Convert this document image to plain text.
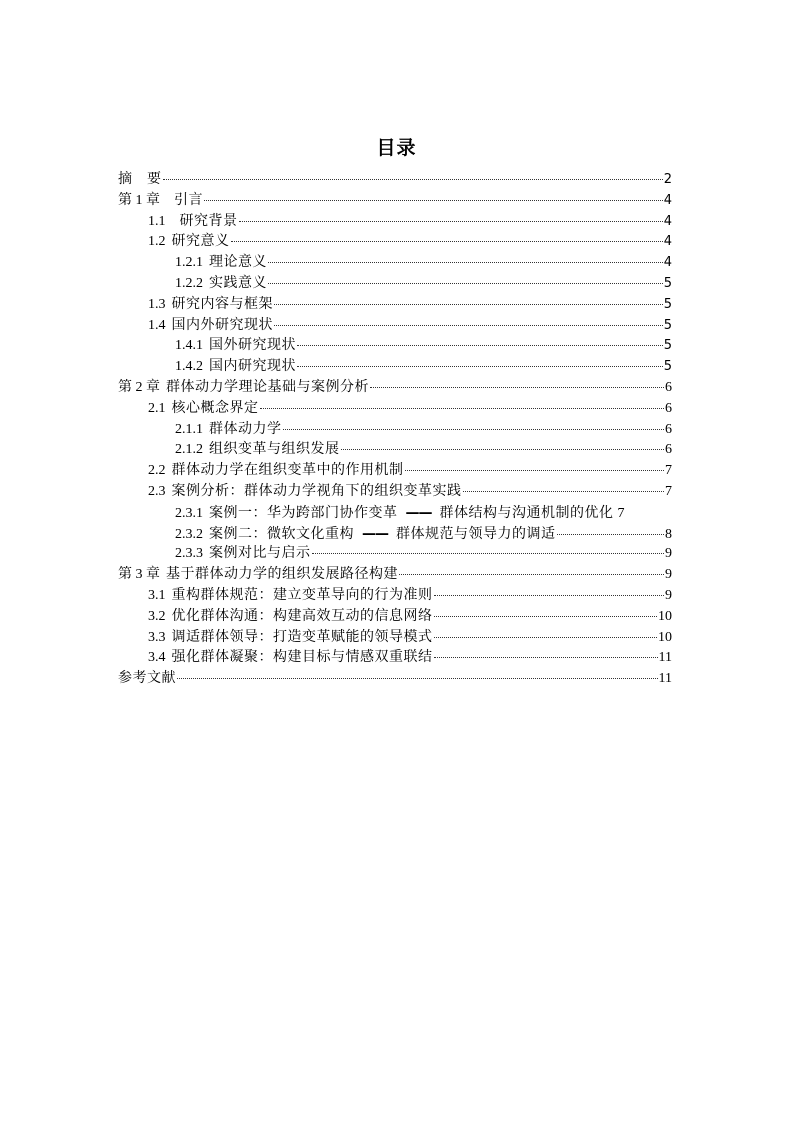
目录
摘　要	2
第 1 章 引言	4
1.1 研究背景	4
1.2 研究意义	4
1.2.1 理论意义	4
1.2.2 实践意义	5
1.3 研究内容与框架	5
1.4 国内外研究现状	5
1.4.1 国外研究现状	5
1.4.2 国内研究现状	5
第 2 章 群体动力学理论基础与案例分析	6
2.1 核心概念界定	6
2.1.1 群体动力学	6
2.1.2 组织变革与组织发展	6
2.2 群体动力学在组织变革中的作用机制	7
2.3 案例分析：群体动力学视角下的组织变革实践	7
2.3.1 案例一：华为跨部门协作变革 —— 群体结构与沟通机制的优化 7
2.3.2 案例二：微软文化重构 —— 群体规范与领导力的调适	8
2.3.3 案例对比与启示	9
第 3 章 基于群体动力学的组织发展路径构建	9
3.1 重构群体规范：建立变革导向的行为准则	9
3.2 优化群体沟通：构建高效互动的信息网络	10
3.3 调适群体领导：打造变革赋能的领导模式	10
3.4 强化群体凝聚：构建目标与情感双重联结	11
参考文献	11
